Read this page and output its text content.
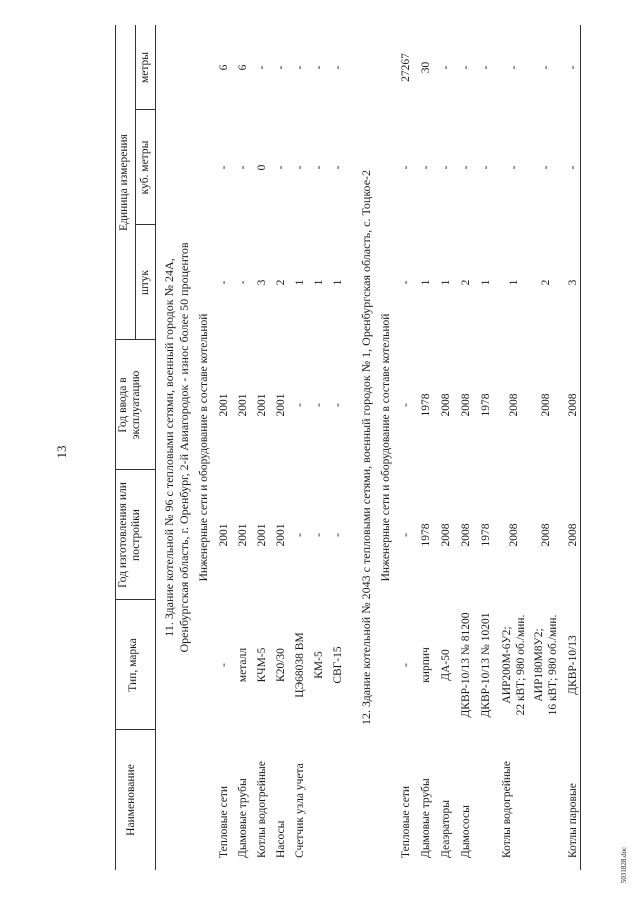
13
5031828.doc
Наименование
Тип, марка
Год изготовления или постройки
Год ввода в эксплуатацию
Единица измерения
штук
куб. метры
метры
11. Здание котельной № 96 с тепловыми сетями, военный городок № 24А, Оренбургская область, г. Оренбург, 2-й Авиагородок - износ более 50 процентов Инженерные сети и оборудование в составе котельной
Тепловые сети
-
2001
2001
-
-
6
Дымовые трубы
металл
2001
2001
-
-
6
Котлы водогрейные
КЧМ-5
2001
2001
3
0
-
Насосы
К20/30
2001
2001
2
-
-
Счетчик узла учета
ЦЭ68038 ВМ
-
-
1
-
-
КМ-5
-
-
1
-
-
СВГ-15
-
-
1
-
-
12. Здание котельной № 2043 с тепловыми сетями, военный городок № 1, Оренбургская область, с. Тоцкое-2 Инженерные сети и оборудование в составе котельной
Тепловые сети
-
-
-
-
-
27267
Дымовые трубы
кирпич
1978
1978
1
-
30
Деаэраторы
ДА-50
2008
2008
1
-
-
Дымососы
ДКВР-10/13 № 81200
2008
2008
2
-
-
ДКВР-10/13 № 10201
1978
1978
1
-
-
Котлы водогрейные
АИР200М-6У2; 22 кВТ; 980 об./мин.
2008
2008
1
-
-
АИР180М8У2; 16 кВТ; 980 об./мин.
2008
2008
2
-
-
Котлы паровые
ДКВР-10/13
2008
2008
3
-
-
